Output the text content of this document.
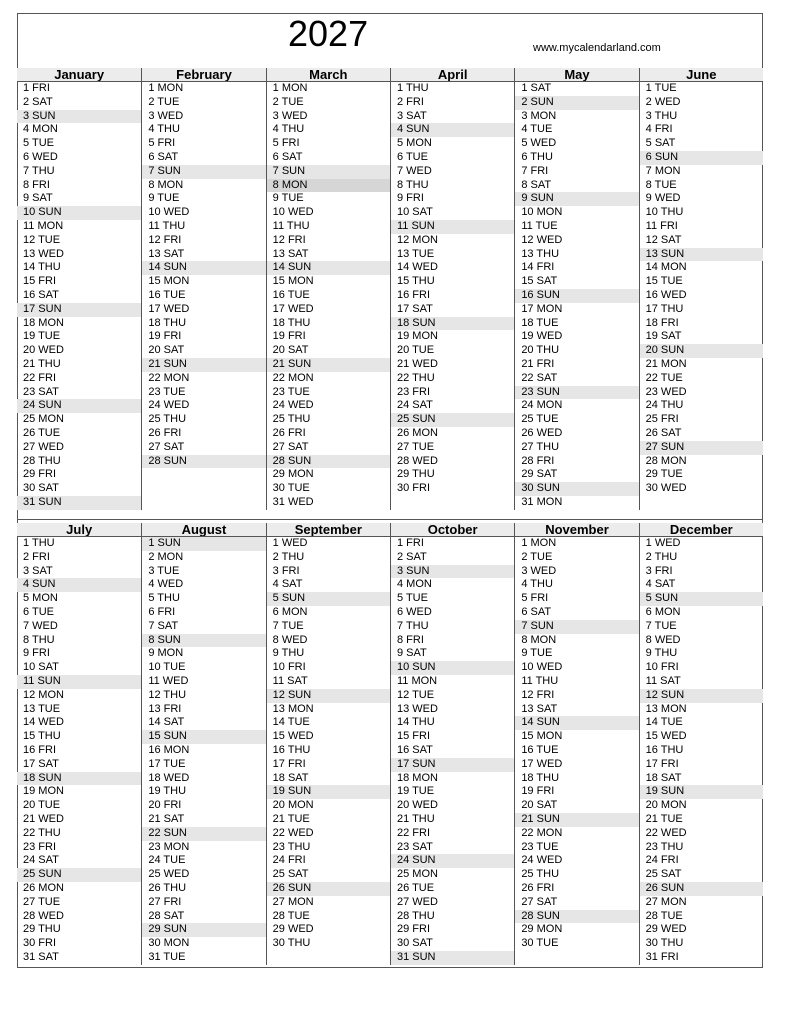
2027	www.mycalendarland.com
January
1 FRI
2 SAT
3 SUN
4 MON
5 TUE
6 WED
7 THU
8 FRI
9 SAT
10 SUN
11 MON
12 TUE
13 WED
14 THU
15 FRI
16 SAT
17 SUN
18 MON
19 TUE
20 WED
21 THU
22 FRI
23 SAT
24 SUN
25 MON
26 TUE
27 WED
28 THU
29 FRI
30 SAT
31 SUN
February
1 MON
2 TUE
3 WED
4 THU
5 FRI
6 SAT
7 SUN
8 MON
9 TUE
10 WED
11 THU
12 FRI
13 SAT
14 SUN
15 MON
16 TUE
17 WED
18 THU
19 FRI
20 SAT
21 SUN
22 MON
23 TUE
24 WED
25 THU
26 FRI
27 SAT
28 SUN
March
1 MON
2 TUE
3 WED
4 THU
5 FRI
6 SAT
7 SUN
8 MON
9 TUE
10 WED
11 THU
12 FRI
13 SAT
14 SUN
15 MON
16 TUE
17 WED
18 THU
19 FRI
20 SAT
21 SUN
22 MON
23 TUE
24 WED
25 THU
26 FRI
27 SAT
28 SUN
29 MON
30 TUE
31 WED
April
1 THU
2 FRI
3 SAT
4 SUN
5 MON
6 TUE
7 WED
8 THU
9 FRI
10 SAT
11 SUN
12 MON
13 TUE
14 WED
15 THU
16 FRI
17 SAT
18 SUN
19 MON
20 TUE
21 WED
22 THU
23 FRI
24 SAT
25 SUN
26 MON
27 TUE
28 WED
29 THU
30 FRI
May
1 SAT
2 SUN
3 MON
4 TUE
5 WED
6 THU
7 FRI
8 SAT
9 SUN
10 MON
11 TUE
12 WED
13 THU
14 FRI
15 SAT
16 SUN
17 MON
18 TUE
19 WED
20 THU
21 FRI
22 SAT
23 SUN
24 MON
25 TUE
26 WED
27 THU
28 FRI
29 SAT
30 SUN
31 MON
June
1 TUE
2 WED
3 THU
4 FRI
5 SAT
6 SUN
7 MON
8 TUE
9 WED
10 THU
11 FRI
12 SAT
13 SUN
14 MON
15 TUE
16 WED
17 THU
18 FRI
19 SAT
20 SUN
21 MON
22 TUE
23 WED
24 THU
25 FRI
26 SAT
27 SUN
28 MON
29 TUE
30 WED
July
1 THU
2 FRI
3 SAT
4 SUN
5 MON
6 TUE
7 WED
8 THU
9 FRI
10 SAT
11 SUN
12 MON
13 TUE
14 WED
15 THU
16 FRI
17 SAT
18 SUN
19 MON
20 TUE
21 WED
22 THU
23 FRI
24 SAT
25 SUN
26 MON
27 TUE
28 WED
29 THU
30 FRI
31 SAT
August
1 SUN
2 MON
3 TUE
4 WED
5 THU
6 FRI
7 SAT
8 SUN
9 MON
10 TUE
11 WED
12 THU
13 FRI
14 SAT
15 SUN
16 MON
17 TUE
18 WED
19 THU
20 FRI
21 SAT
22 SUN
23 MON
24 TUE
25 WED
26 THU
27 FRI
28 SAT
29 SUN
30 MON
31 TUE
September
1 WED
2 THU
3 FRI
4 SAT
5 SUN
6 MON
7 TUE
8 WED
9 THU
10 FRI
11 SAT
12 SUN
13 MON
14 TUE
15 WED
16 THU
17 FRI
18 SAT
19 SUN
20 MON
21 TUE
22 WED
23 THU
24 FRI
25 SAT
26 SUN
27 MON
28 TUE
29 WED
30 THU
October
1 FRI
2 SAT
3 SUN
4 MON
5 TUE
6 WED
7 THU
8 FRI
9 SAT
10 SUN
11 MON
12 TUE
13 WED
14 THU
15 FRI
16 SAT
17 SUN
18 MON
19 TUE
20 WED
21 THU
22 FRI
23 SAT
24 SUN
25 MON
26 TUE
27 WED
28 THU
29 FRI
30 SAT
31 SUN
November
1 MON
2 TUE
3 WED
4 THU
5 FRI
6 SAT
7 SUN
8 MON
9 TUE
10 WED
11 THU
12 FRI
13 SAT
14 SUN
15 MON
16 TUE
17 WED
18 THU
19 FRI
20 SAT
21 SUN
22 MON
23 TUE
24 WED
25 THU
26 FRI
27 SAT
28 SUN
29 MON
30 TUE
December
1 WED
2 THU
3 FRI
4 SAT
5 SUN
6 MON
7 TUE
8 WED
9 THU
10 FRI
11 SAT
12 SUN
13 MON
14 TUE
15 WED
16 THU
17 FRI
18 SAT
19 SUN
20 MON
21 TUE
22 WED
23 THU
24 FRI
25 SAT
26 SUN
27 MON
28 TUE
29 WED
30 THU
31 FRI
